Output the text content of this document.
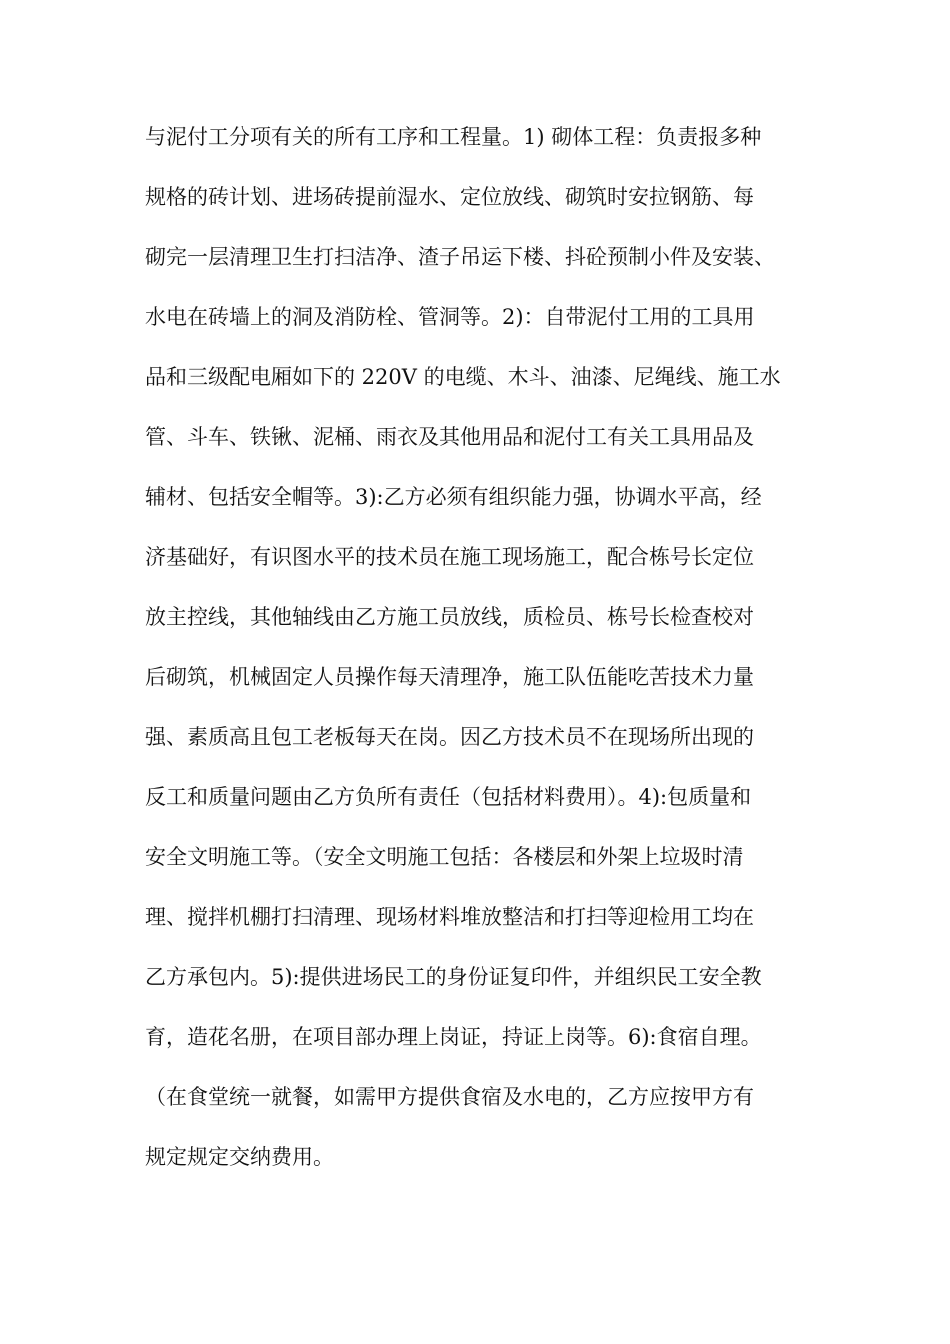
与泥付工分项有关的所有工序和工程量。1) 砌体工程：负责报多种
规格的砖计划、进场砖提前湿水、定位放线、砌筑时安拉钢筋、每
砌完一层清理卫生打扫洁净、渣子吊运下楼、抖砼预制小件及安装、
水电在砖墙上的洞及消防栓、管洞等。2)：自带泥付工用的工具用
品和三级配电厢如下的 220V 的电缆、木斗、油漆、尼绳线、施工水
管、斗车、铁锹、泥桶、雨衣及其他用品和泥付工有关工具用品及
辅材、包括安全帽等。3):乙方必须有组织能力强，协调水平高，经
济基础好，有识图水平的技术员在施工现场施工，配合栋号长定位
放主控线，其他轴线由乙方施工员放线，质检员、栋号长检查校对
后砌筑，机械固定人员操作每天清理净，施工队伍能吃苦技术力量
强、素质高且包工老板每天在岗。因乙方技术员不在现场所出现的
反工和质量问题由乙方负所有责任（包括材料费用）。4):包质量和
安全文明施工等。（安全文明施工包括：各楼层和外架上垃圾时清
理、搅拌机棚打扫清理、现场材料堆放整洁和打扫等迎检用工均在
乙方承包内。5):提供进场民工的身份证复印件，并组织民工安全教
育，造花名册，在项目部办理上岗证，持证上岗等。6):食宿自理。
（在食堂统一就餐，如需甲方提供食宿及水电的，乙方应按甲方有
规定规定交纳费用。
